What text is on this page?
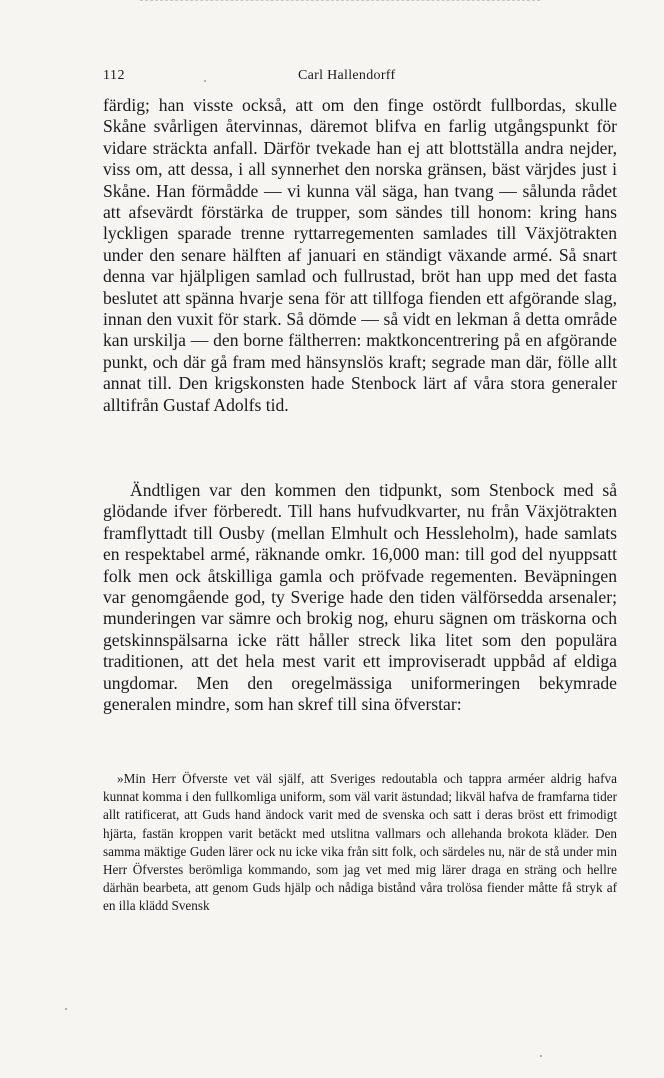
112	Carl Hallendorff

färdig; han visste också, att om den finge ostördt fullbordas, skulle Skåne svårligen återvinnas, däremot blifva en farlig utgångspunkt för vidare sträckta anfall. Därför tvekade han ej att blottställa andra nejder, viss om, att dessa, i all synnerhet den norska gränsen, bäst värjdes just i Skåne. Han förmådde — vi kunna väl säga, han tvang — sålunda rådet att afsevärdt förstärka de trupper, som sändes till honom: kring hans lyckligen sparade trenne ryttarregementen samlades till Växjötrakten under den senare hälften af januari en ständigt växande armé. Så snart denna var hjälpligen samlad och fullrustad, bröt han upp med det fasta beslutet att spänna hvarje sena för att tillfoga fienden ett afgörande slag, innan den vuxit för stark. Så dömde — så vidt en lekman å detta område kan urskilja — den borne fältherren: maktkoncentrering på en afgörande punkt, och där gå fram med hänsynslös kraft; segrade man där, fölle allt annat till. Den krigskonsten hade Stenbock lärt af våra stora generaler alltifrån Gustaf Adolfs tid.

Ändtligen var den kommen den tidpunkt, som Stenbock med så glödande ifver förberedt. Till hans hufvudkvarter, nu från Växjötrakten framflyttadt till Ousby (mellan Elmhult och Hessleholm), hade samlats en respektabel armé, räknande omkr. 16,000 man: till god del nyuppsatt folk men ock åtskilliga gamla och pröfvade regementen. Beväpningen var genomgående god, ty Sverige hade den tiden välförsedda arsenaler; munderingen var sämre och brokig nog, ehuru sägnen om träskorna och getskinnspälsarna icke rätt håller streck lika litet som den populära traditionen, att det hela mest varit ett improviseradt uppbåd af eldiga ungdomar. Men den oregelmässiga uniformeringen bekymrade generalen mindre, som han skref till sina öfverstar:

»Min Herr Öfverste vet väl själf, att Sveriges redoutabla och tappra arméer aldrig hafva kunnat komma i den fullkomliga uniform, som väl varit ästundad; likväl hafva de framfarna tider allt ratificerat, att Guds hand ändock varit med de svenska och satt i deras bröst ett frimodigt hjärta, fastän kroppen varit betäckt med utslitna vallmars och allehanda brokota kläder. Den samma mäktige Guden lärer ock nu icke vika från sitt folk, och särdeles nu, när de stå under min Herr Öfverstes berömliga kommando, som jag vet med mig lärer draga en sträng och hellre därhän bearbeta, att genom Guds hjälp och nådiga bistånd våra trolösa fiender måtte få stryk af en illa klädd Svensk
